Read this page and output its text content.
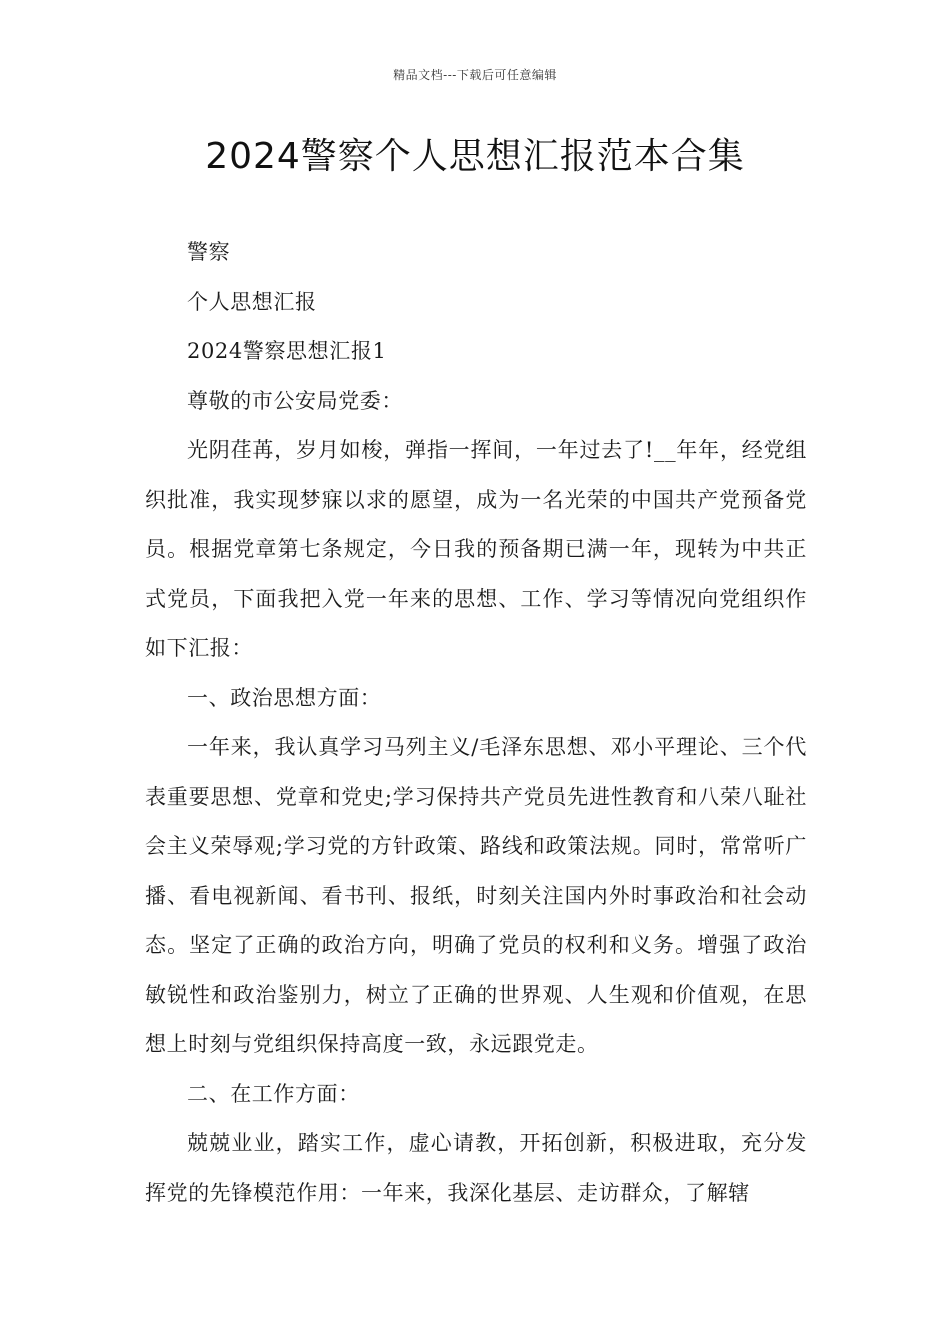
精品文档---下载后可任意编辑
2024警察个人思想汇报范本合集

警察

个人思想汇报

2024警察思想汇报1

尊敬的市公安局党委：

光阴荏苒，岁月如梭，弹指一挥间，一年过去了!__年年，经党组织批准，我实现梦寐以求的愿望，成为一名光荣的中国共产党预备党员。根据党章第七条规定，今日我的预备期已满一年，现转为中共正式党员，下面我把入党一年来的思想、工作、学习等情况向党组织作如下汇报：

一、政治思想方面：

一年来，我认真学习马列主义/毛泽东思想、邓小平理论、三个代表重要思想、党章和党史;学习保持共产党员先进性教育和八荣八耻社会主义荣辱观;学习党的方针政策、路线和政策法规。同时，常常听广播、看电视新闻、看书刊、报纸，时刻关注国内外时事政治和社会动态。坚定了正确的政治方向，明确了党员的权利和义务。增强了政治敏锐性和政治鉴别力，树立了正确的世界观、人生观和价值观，在思想上时刻与党组织保持高度一致，永远跟党走。

二、在工作方面：

兢兢业业，踏实工作，虚心请教，开拓创新，积极进取，充分发挥党的先锋模范作用：一年来，我深化基层、走访群众，了解辖
